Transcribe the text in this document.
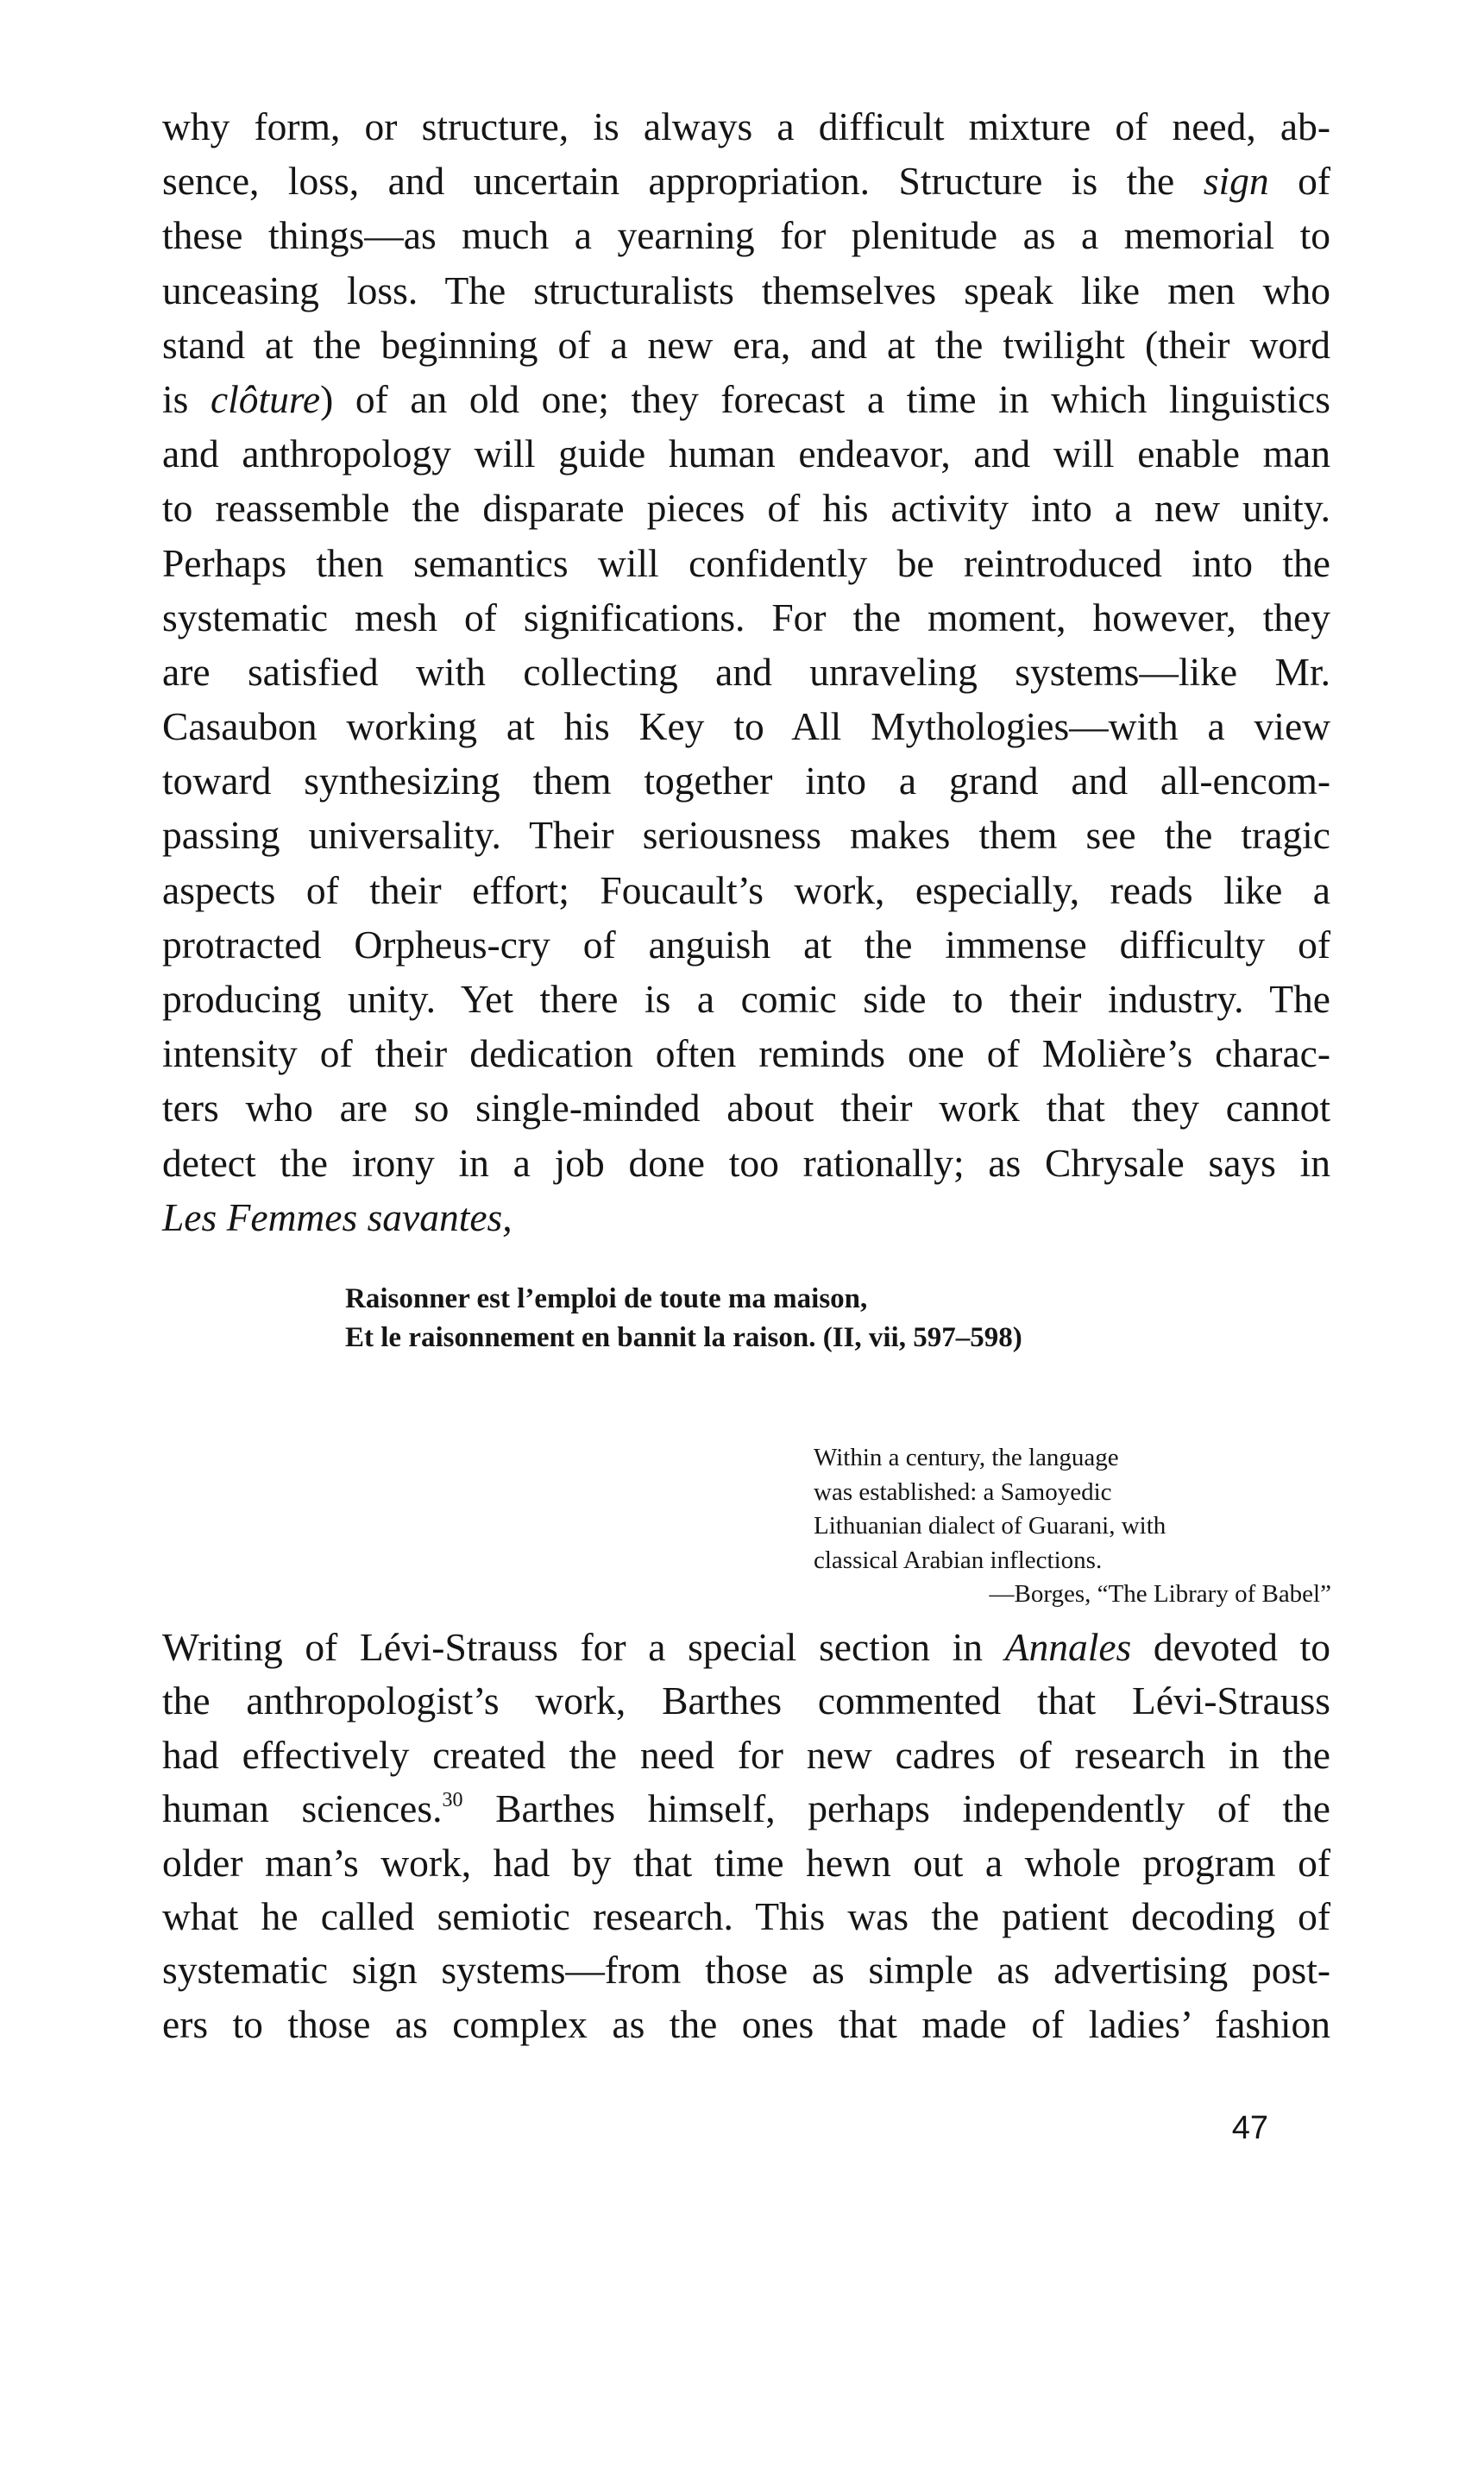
why form, or structure, is always a difficult mixture of need, ab-
sence, loss, and uncertain appropriation. Structure is the sign of
these things—as much a yearning for plenitude as a memorial to
unceasing loss. The structuralists themselves speak like men who
stand at the beginning of a new era, and at the twilight (their word
is clôture) of an old one; they forecast a time in which linguistics
and anthropology will guide human endeavor, and will enable man
to reassemble the disparate pieces of his activity into a new unity.
Perhaps then semantics will confidently be reintroduced into the
systematic mesh of significations. For the moment, however, they
are satisfied with collecting and unraveling systems—like Mr.
Casaubon working at his Key to All Mythologies—with a view
toward synthesizing them together into a grand and all-encom-
passing universality. Their seriousness makes them see the tragic
aspects of their effort; Foucault’s work, especially, reads like a
protracted Orpheus-cry of anguish at the immense difficulty of
producing unity. Yet there is a comic side to their industry. The
intensity of their dedication often reminds one of Molière’s charac-
ters who are so single-minded about their work that they cannot
detect the irony in a job done too rationally; as Chrysale says in
Les Femmes savantes,
Raisonner est l’emploi de toute ma maison,
Et le raisonnement en bannit la raison. (II, vii, 597–598)
Within a century, the language
was established: a Samoyedic
Lithuanian dialect of Guarani, with
classical Arabian inflections.
—Borges, “The Library of Babel”
Writing of Lévi-Strauss for a special section in Annales devoted to
the anthropologist’s work, Barthes commented that Lévi-Strauss
had effectively created the need for new cadres of research in the
human sciences.$^{30}$ Barthes himself, perhaps independently of the
older man’s work, had by that time hewn out a whole program of
what he called semiotic research. This was the patient decoding of
systematic sign systems—from those as simple as advertising post-
ers to those as complex as the ones that made of ladies’ fashion
47
